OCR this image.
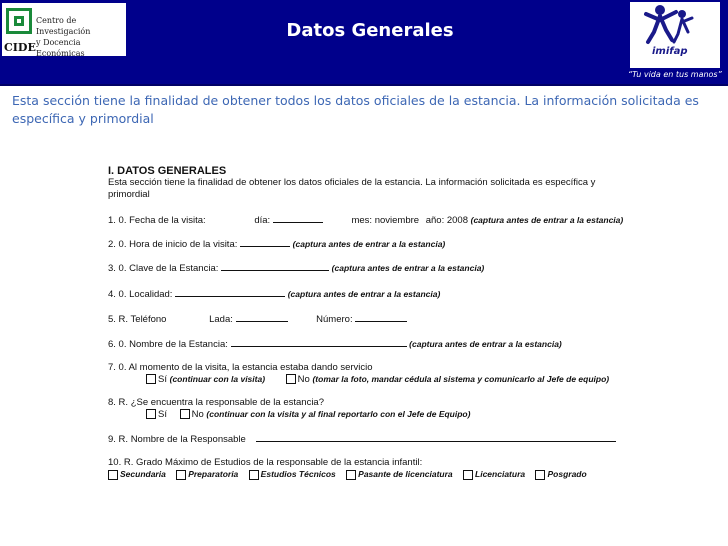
Centro de Investigación
y Docencia Económicas
CIDE
Datos Generales
imifap
“Tu vida en tus manos”
Esta sección tiene la finalidad de obtener todos los datos oficiales de la estancia. La información solicitada es específica y primordial
I. DATOS GENERALES
Esta sección tiene la finalidad de obtener los datos oficiales de la estancia. La información solicitada es específica y
primordial
1. 0. Fecha de la visita:	día:	mes: noviembre año: 2008 (captura antes de entrar a la estancia)
2. 0. Hora de inicio de la visita:	(captura antes de entrar a la estancia)
3. 0. Clave de la Estancia:	(captura antes de entrar a la estancia)
4. 0. Localidad:	(captura antes de entrar a la estancia)
5. R. Teléfono	Lada:	Número:
6. 0. Nombre de la Estancia:	(captura antes de entrar a la estancia)
7. 0. Al momento de la visita, la estancia estaba dando servicio
Sí (continuar con la visita)	No (tomar la foto, mandar cédula al sistema y comunicarlo al Jefe de equipo)
8. R. ¿Se encuentra la responsable de la estancia?
Sí	No (continuar con la visita y al final reportarlo con el Jefe de Equipo)
9. R. Nombre de la Responsable
10. R. Grado Máximo de Estudios de la responsable de la estancia infantil:
Secundaria	Preparatoria	Estudios Técnicos	Pasante de licenciatura	Licenciatura	Posgrado
